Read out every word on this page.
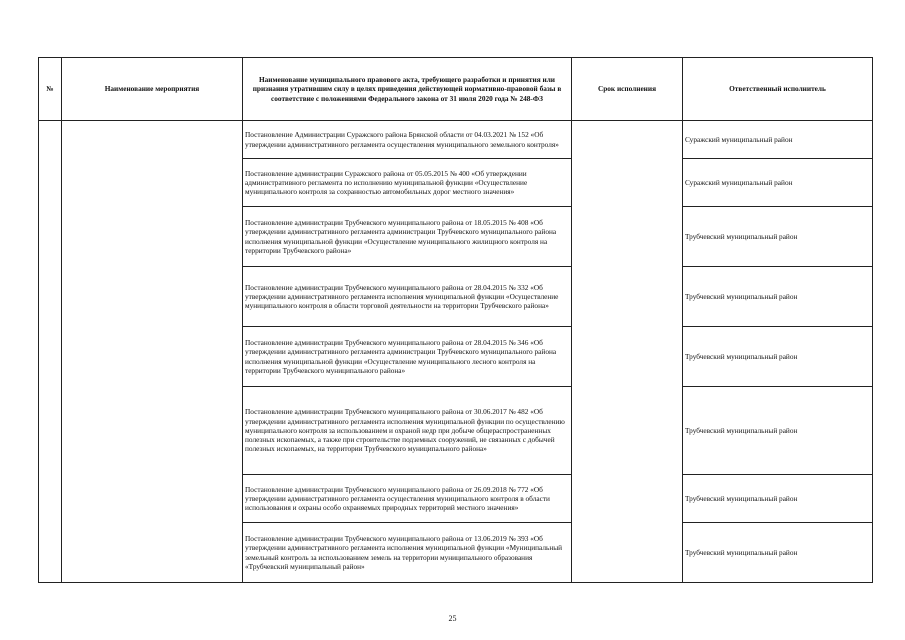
№	Наименование мероприятия	Наименование муниципального правового акта, требующего разработки и принятия или признания утратившим силу в целях приведения действующей нормативно-правовой базы в соответствие с положениями Федерального закона от 31 июля 2020 года № 248-ФЗ	Срок исполнения	Ответственный исполнитель
		Постановление Администрации Суражского района Брянской области от 04.03.2021 № 152 «Об утверждении административного регламента осуществления муниципального земельного контроля»		Суражский муниципальный район
		Постановление администрации Суражского района от 05.05.2015 № 400 «Об утверждении административного регламента по исполнению муниципальной функции «Осуществление муниципального контроля за сохранностью автомобильных дорог местного значения»		Суражский муниципальный район
		Постановление администрации Трубчевского муниципального района от 18.05.2015 № 408 «Об утверждении административного регламента администрации Трубчевского муниципального района исполнения муниципальной функции «Осуществление муниципального жилищного контроля на территории Трубчевского района»		Трубчевский муниципальный район
		Постановление администрации Трубчевского муниципального района от 28.04.2015 № 332 «Об утверждении административного регламента исполнения муниципальной функции «Осуществление муниципального контроля в области торговой деятельности на территории Трубчевского района»		Трубчевский муниципальный район
		Постановление администрации Трубчевского муниципального района от 28.04.2015 № 346 «Об утверждении административного регламента администрации Трубчевского муниципального района исполнения муниципальной функции «Осуществление муниципального лесного контроля на территории Трубчевского муниципального района»		Трубчевский муниципальный район
		Постановление администрации Трубчевского муниципального района от 30.06.2017 № 482 «Об утверждении административного регламента исполнения муниципальной функции по осуществлению муниципального контроля за использованием и охраной недр при добыче общераспространенных полезных ископаемых, а также при строительстве подземных сооружений, не связанных с добычей полезных ископаемых, на территории Трубчевского муниципального района»		Трубчевский муниципальный район
		Постановление администрации Трубчевского муниципального района от 26.09.2018 № 772 «Об утверждении административного регламента осуществления муниципального контроля в области использования и охраны особо охраняемых природных территорий местного значения»		Трубчевский муниципальный район
		Постановление администрации Трубчевского муниципального района от 13.06.2019 № 393 «Об утверждении административного регламента исполнения муниципальной функции «Муниципальный земельный контроль за использованием земель на территории муниципального образования «Трубчевский муниципальный район»		Трубчевский муниципальный район
25
